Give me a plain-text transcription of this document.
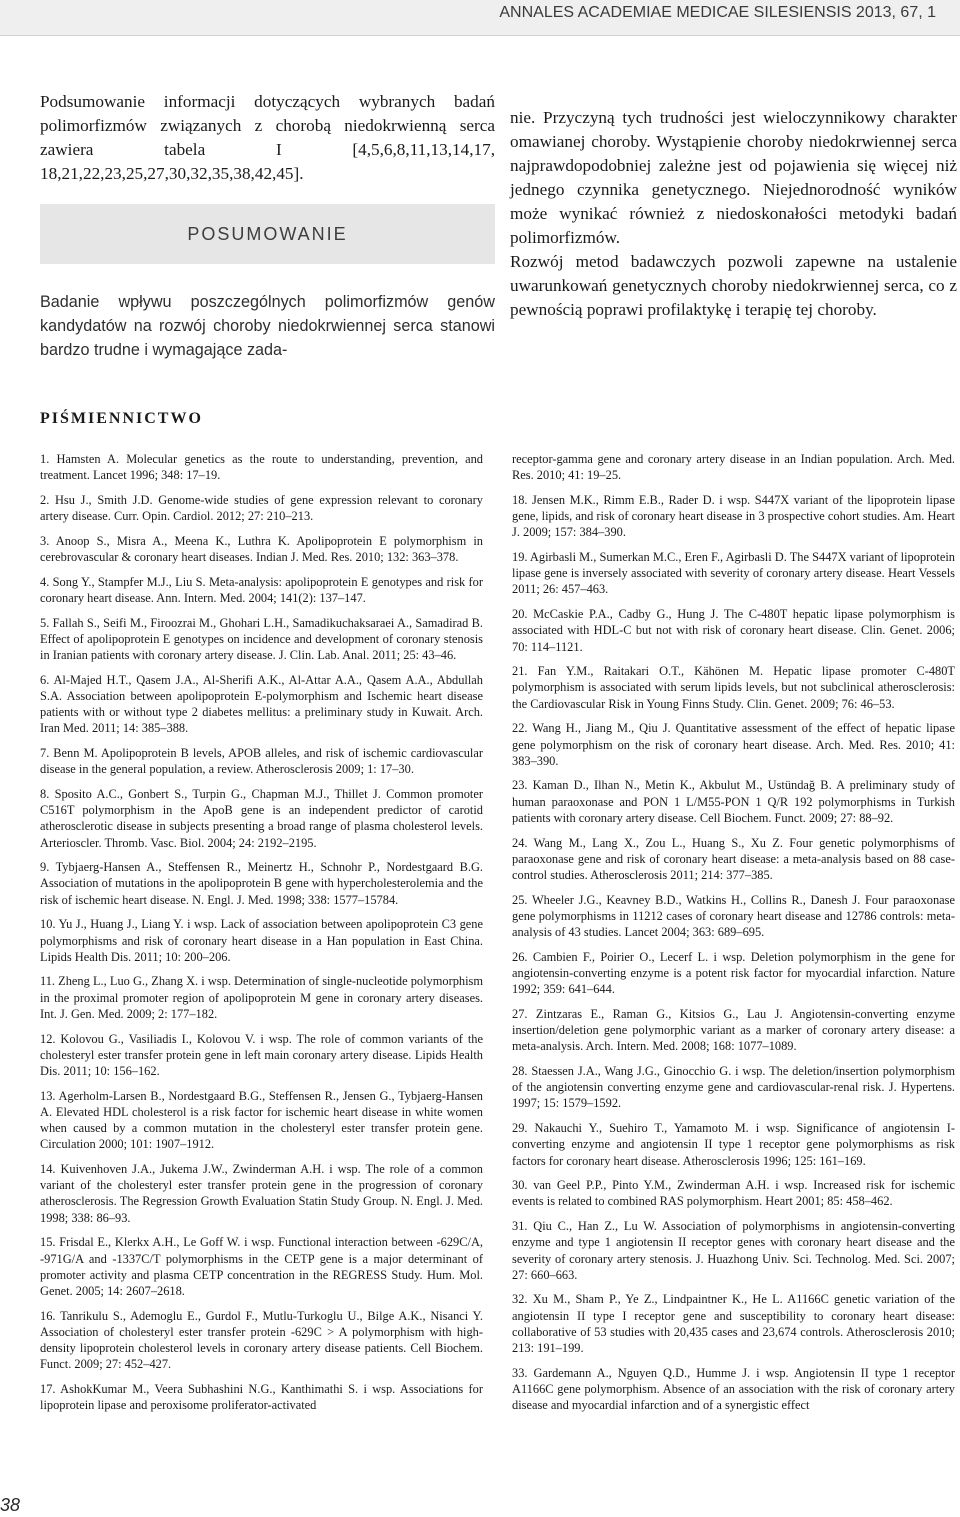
ANNALES ACADEMIAE MEDICAE SILESIENSIS 2013, 67, 1

Podsumowanie informacji dotyczących wybranych badań polimorfizmów związanych z chorobą niedokrwienną serca zawiera tabela I [4,5,6,8,11,13,14,17, 18,21,22,23,25,27,30,32,35,38,42,45].

POSUMOWANIE

Badanie wpływu poszczególnych polimorfizmów genów kandydatów na rozwój choroby niedokrwiennej serca stanowi bardzo trudne i wymagające zada-

nie. Przyczyną tych trudności jest wieloczynnikowy charakter omawianej choroby. Wystąpienie choroby niedokrwiennej serca najprawdopodobniej zależne jest od pojawienia się więcej niż jednego czynnika genetycznego. Niejednorodność wyników może wynikać również z niedoskonałości metodyki badań polimorfizmów.

Rozwój metod badawczych pozwoli zapewne na ustalenie uwarunkowań genetycznych choroby niedokrwiennej serca, co z pewnością poprawi profilaktykę i terapię tej choroby.

PIŚMIENNICTWO

1. Hamsten A. Molecular genetics as the route to understanding, prevention, and treatment. Lancet 1996; 348: 17–19.

2. Hsu J., Smith J.D. Genome-wide studies of gene expression relevant to coronary artery disease. Curr. Opin. Cardiol. 2012; 27: 210–213.

3. Anoop S., Misra A., Meena K., Luthra K. Apolipoprotein E polymorphism in cerebrovascular & coronary heart diseases. Indian J. Med. Res. 2010; 132: 363–378.

4. Song Y., Stampfer M.J., Liu S. Meta-analysis: apolipoprotein E genotypes and risk for coronary heart disease. Ann. Intern. Med. 2004; 141(2): 137–147.

5. Fallah S., Seifi M., Firoozrai M., Ghohari L.H., Samadikuchaksaraei A., Samadirad B. Effect of apolipoprotein E genotypes on incidence and development of coronary stenosis in Iranian patients with coronary artery disease. J. Clin. Lab. Anal. 2011; 25: 43–46.

6. Al-Majed H.T., Qasem J.A., Al-Sherifi A.K., Al-Attar A.A., Qasem A.A., Abdullah S.A. Association between apolipoprotein E-polymorphism and Ischemic heart disease patients with or without type 2 diabetes mellitus: a preliminary study in Kuwait. Arch. Iran Med. 2011; 14: 385–388.

7. Benn M. Apolipoprotein B levels, APOB alleles, and risk of ischemic cardiovascular disease in the general population, a review. Atherosclerosis 2009; 1: 17–30.

8. Sposito A.C., Gonbert S., Turpin G., Chapman M.J., Thillet J. Common promoter C516T polymorphism in the ApoB gene is an independent predictor of carotid atherosclerotic disease in subjects presenting a broad range of plasma cholesterol levels. Arterioscler. Thromb. Vasc. Biol. 2004; 24: 2192–2195.

9. Tybjaerg-Hansen A., Steffensen R., Meinertz H., Schnohr P., Nordestgaard B.G. Association of mutations in the apolipoprotein B gene with hypercholesterolemia and the risk of ischemic heart disease. N. Engl. J. Med. 1998; 338: 1577–15784.

10. Yu J., Huang J., Liang Y. i wsp. Lack of association between apolipoprotein C3 gene polymorphisms and risk of coronary heart disease in a Han population in East China. Lipids Health Dis. 2011; 10: 200–206.

11. Zheng L., Luo G., Zhang X. i wsp. Determination of single-nucleotide polymorphism in the proximal promoter region of apolipoprotein M gene in coronary artery diseases. Int. J. Gen. Med. 2009; 2: 177–182.

12. Kolovou G., Vasiliadis I., Kolovou V. i wsp. The role of common variants of the cholesteryl ester transfer protein gene in left main coronary artery disease. Lipids Health Dis. 2011; 10: 156–162.

13. Agerholm-Larsen B., Nordestgaard B.G., Steffensen R., Jensen G., Tybjaerg-Hansen A. Elevated HDL cholesterol is a risk factor for ischemic heart disease in white women when caused by a common mutation in the cholesteryl ester transfer protein gene. Circulation 2000; 101: 1907–1912.

14. Kuivenhoven J.A., Jukema J.W., Zwinderman A.H. i wsp. The role of a common variant of the cholesteryl ester transfer protein gene in the progression of coronary atherosclerosis. The Regression Growth Evaluation Statin Study Group. N. Engl. J. Med. 1998; 338: 86–93.

15. Frisdal E., Klerkx A.H., Le Goff W. i wsp. Functional interaction between -629C/A, -971G/A and -1337C/T polymorphisms in the CETP gene is a major determinant of promoter activity and plasma CETP concentration in the REGRESS Study. Hum. Mol. Genet. 2005; 14: 2607–2618.

16. Tanrikulu S., Ademoglu E., Gurdol F., Mutlu-Turkoglu U., Bilge A.K., Nisanci Y. Association of cholesteryl ester transfer protein -629C > A polymorphism with high-density lipoprotein cholesterol levels in coronary artery disease patients. Cell Biochem. Funct. 2009; 27: 452–427.

17. AshokKumar M., Veera Subhashini N.G., Kanthimathi S. i wsp. Associations for lipoprotein lipase and peroxisome proliferator-activated

receptor-gamma gene and coronary artery disease in an Indian population. Arch. Med. Res. 2010; 41: 19–25.

18. Jensen M.K., Rimm E.B., Rader D. i wsp. S447X variant of the lipoprotein lipase gene, lipids, and risk of coronary heart disease in 3 prospective cohort studies. Am. Heart J. 2009; 157: 384–390.

19. Agirbasli M., Sumerkan M.C., Eren F., Agirbasli D. The S447X variant of lipoprotein lipase gene is inversely associated with severity of coronary artery disease. Heart Vessels 2011; 26: 457–463.

20. McCaskie P.A., Cadby G., Hung J. The C-480T hepatic lipase polymorphism is associated with HDL-C but not with risk of coronary heart disease. Clin. Genet. 2006; 70: 114–1121.

21. Fan Y.M., Raitakari O.T., Kähönen M. Hepatic lipase promoter C-480T polymorphism is associated with serum lipids levels, but not subclinical atherosclerosis: the Cardiovascular Risk in Young Finns Study. Clin. Genet. 2009; 76: 46–53.

22. Wang H., Jiang M., Qiu J. Quantitative assessment of the effect of hepatic lipase gene polymorphism on the risk of coronary heart disease. Arch. Med. Res. 2010; 41: 383–390.

23. Kaman D., Ilhan N., Metin K., Akbulut M., Ustündağ B. A preliminary study of human paraoxonase and PON 1 L/M55-PON 1 Q/R 192 polymorphisms in Turkish patients with coronary artery disease. Cell Biochem. Funct. 2009; 27: 88–92.

24. Wang M., Lang X., Zou L., Huang S., Xu Z. Four genetic polymorphisms of paraoxonase gene and risk of coronary heart disease: a meta-analysis based on 88 case-control studies. Atherosclerosis 2011; 214: 377–385.

25. Wheeler J.G., Keavney B.D., Watkins H., Collins R., Danesh J. Four paraoxonase gene polymorphisms in 11212 cases of coronary heart disease and 12786 controls: meta-analysis of 43 studies. Lancet 2004; 363: 689–695.

26. Cambien F., Poirier O., Lecerf L. i wsp. Deletion polymorphism in the gene for angiotensin-converting enzyme is a potent risk factor for myocardial infarction. Nature 1992; 359: 641–644.

27. Zintzaras E., Raman G., Kitsios G., Lau J. Angiotensin-converting enzyme insertion/deletion gene polymorphic variant as a marker of coronary artery disease: a meta-analysis. Arch. Intern. Med. 2008; 168: 1077–1089.

28. Staessen J.A., Wang J.G., Ginocchio G. i wsp. The deletion/insertion polymorphism of the angiotensin converting enzyme gene and cardiovascular-renal risk. J. Hypertens. 1997; 15: 1579–1592.

29. Nakauchi Y., Suehiro T., Yamamoto M. i wsp. Significance of angiotensin I-converting enzyme and angiotensin II type 1 receptor gene polymorphisms as risk factors for coronary heart disease. Atherosclerosis 1996; 125: 161–169.

30. van Geel P.P., Pinto Y.M., Zwinderman A.H. i wsp. Increased risk for ischemic events is related to combined RAS polymorphism. Heart 2001; 85: 458–462.

31. Qiu C., Han Z., Lu W. Association of polymorphisms in angiotensin-converting enzyme and type 1 angiotensin II receptor genes with coronary heart disease and the severity of coronary artery stenosis. J. Huazhong Univ. Sci. Technolog. Med. Sci. 2007; 27: 660–663.

32. Xu M., Sham P., Ye Z., Lindpaintner K., He L. A1166C genetic variation of the angiotensin II type I receptor gene and susceptibility to coronary heart disease: collaborative of 53 studies with 20,435 cases and 23,674 controls. Atherosclerosis 2010; 213: 191–199.

33. Gardemann A., Nguyen Q.D., Humme J. i wsp. Angiotensin II type 1 receptor A1166C gene polymorphism. Absence of an association with the risk of coronary artery disease and myocardial infarction and of a synergistic effect

38
